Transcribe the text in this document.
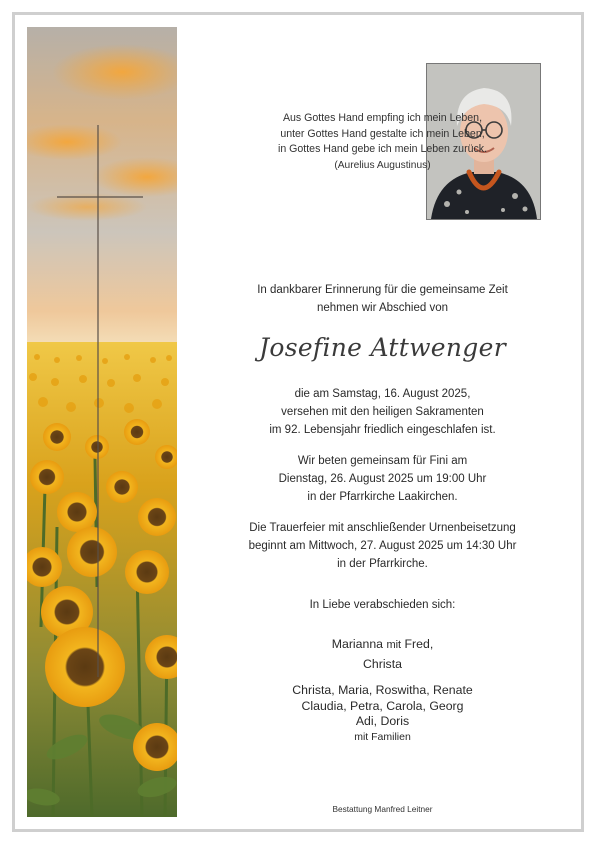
Aus Gottes Hand empfing ich mein Leben,
unter Gottes Hand gestalte ich mein Leben,
in Gottes Hand gebe ich mein Leben zurück.
(Aurelius Augustinus)
In dankbarer Erinnerung für die gemeinsame Zeit
nehmen wir Abschied von
Josefine Attwenger
die am Samstag, 16. August 2025,
versehen mit den heiligen Sakramenten
im 92. Lebensjahr friedlich eingeschlafen ist.
Wir beten gemeinsam für Fini am
Dienstag, 26. August 2025 um 19:00 Uhr
in der Pfarrkirche Laakirchen.
Die Trauerfeier mit anschließender Urnenbeisetzung
beginnt am Mittwoch, 27. August 2025 um 14:30 Uhr
in der Pfarrkirche.
In Liebe verabschieden sich:
Marianna mit Fred,
Christa
Christa, Maria, Roswitha, Renate
Claudia, Petra, Carola, Georg
Adi, Doris
mit Familien
Bestattung Manfred Leitner
